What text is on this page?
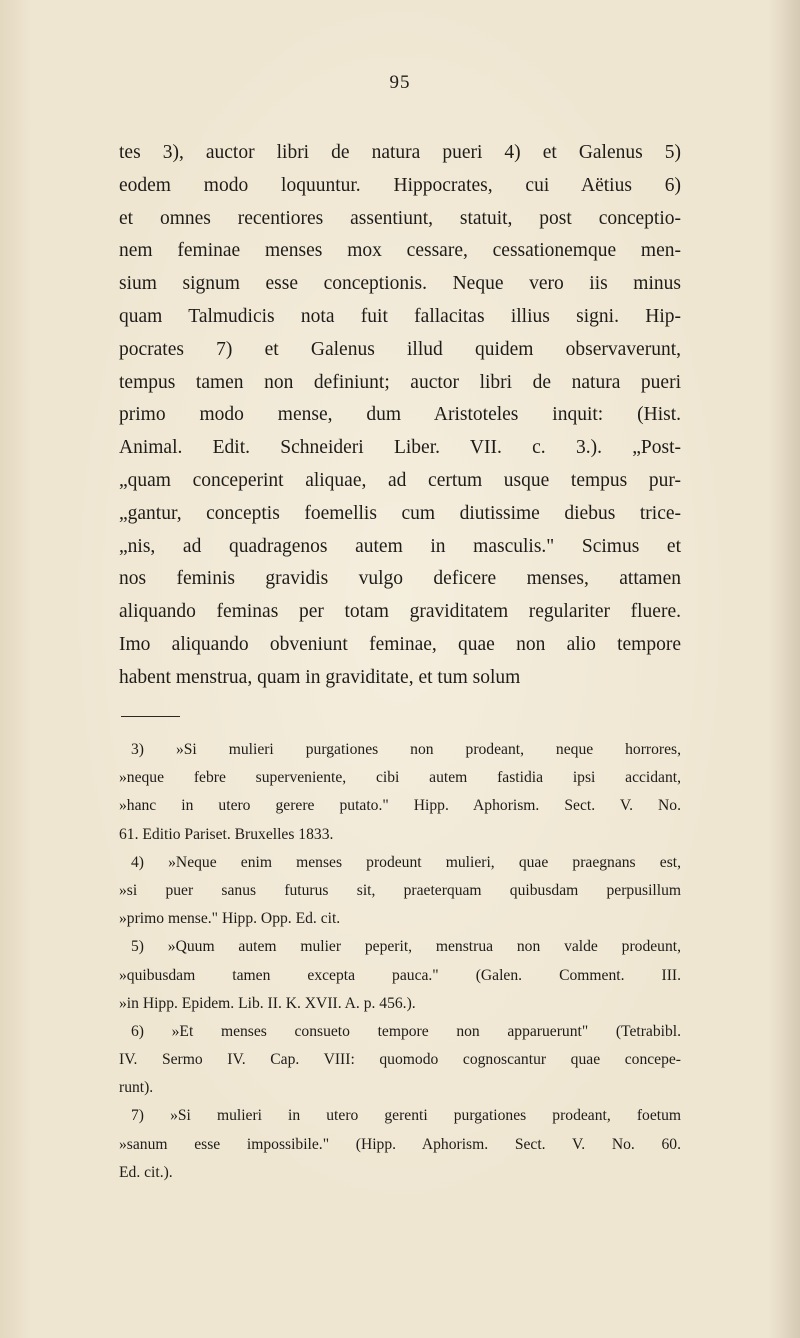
95
tes 3), auctor libri de natura pueri 4) et Galenus 5)
eodem modo loquuntur. Hippocrates, cui Aëtius 6)
et omnes recentiores assentiunt, statuit, post conceptio-
nem feminae menses mox cessare, cessationemque men-
sium signum esse conceptionis. Neque vero iis minus
quam Talmudicis nota fuit fallacitas illius signi. Hip-
pocrates 7) et Galenus illud quidem observaverunt,
tempus tamen non definiunt; auctor libri de natura pueri
primo modo mense, dum Aristoteles inquit: (Hist.
Animal. Edit. Schneideri Liber. VII. c. 3.). „Post-
„quam conceperint aliquae, ad certum usque tempus pur-
„gantur, conceptis foemellis cum diutissime diebus trice-
„nis, ad quadragenos autem in masculis." Scimus et
nos feminis gravidis vulgo deficere menses, attamen
aliquando feminas per totam graviditatem regulariter fluere.
Imo aliquando obveniunt feminae, quae non alio tempore
habent menstrua, quam in graviditate, et tum solum
3) »Si mulieri purgationes non prodeant, neque horrores,
»neque febre superveniente, cibi autem fastidia ipsi accidant,
»hanc in utero gerere putato." Hipp. Aphorism. Sect. V. No.
61. Editio Pariset. Bruxelles 1833.
4) »Neque enim menses prodeunt mulieri, quae praegnans est,
»si puer sanus futurus sit, praeterquam quibusdam perpusillum
»primo mense." Hipp. Opp. Ed. cit.
5) »Quum autem mulier peperit, menstrua non valde prodeunt,
»quibusdam tamen excepta pauca." (Galen. Comment. III.
»in Hipp. Epidem. Lib. II. K. XVII. A. p. 456.).
6) »Et menses consueto tempore non apparuerunt" (Tetrabibl.
IV. Sermo IV. Cap. VIII: quomodo cognoscantur quae concepe-
runt).
7) »Si mulieri in utero gerenti purgationes prodeant, foetum
»sanum esse impossibile." (Hipp. Aphorism. Sect. V. No. 60.
Ed. cit.).
